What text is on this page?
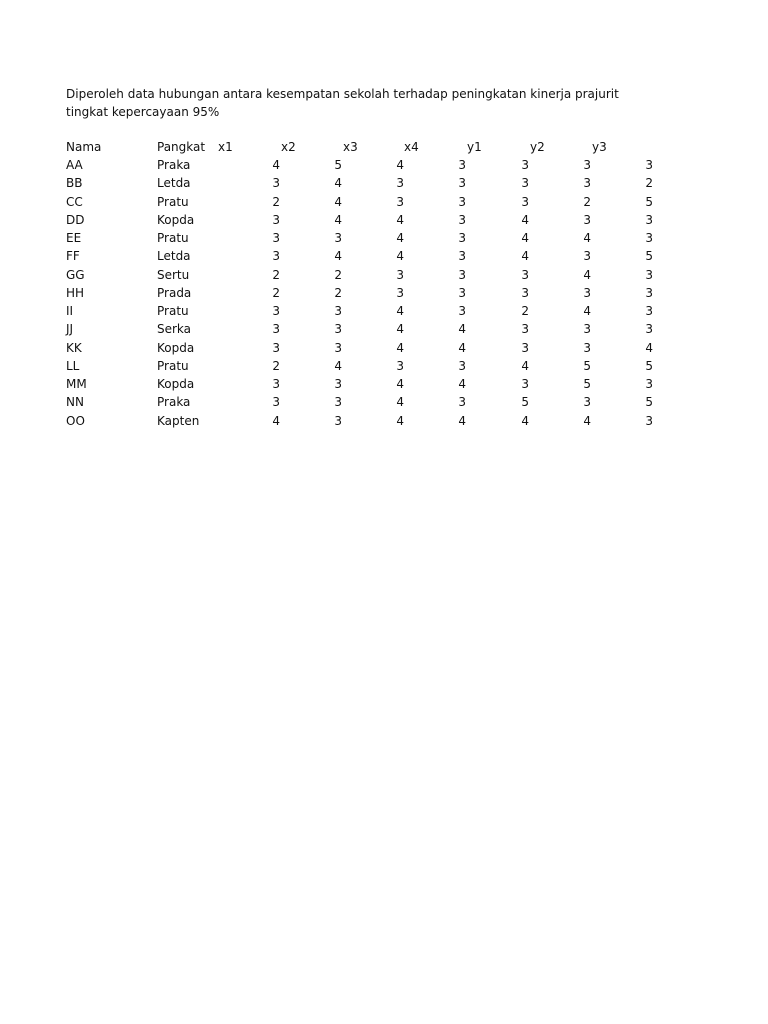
Diperoleh data hubungan antara kesempatan sekolah terhadap peningkatan kinerja prajurit
tingkat kepercayaan 95%
Nama	Pangkat x1	x2	x3	x4	y1	y2	y3
AA	Praka	4	5	4	3	3	3	3
BB	Letda	3	4	3	3	3	3	2
CC	Pratu	2	4	3	3	3	2	5
DD	Kopda	3	4	4	3	4	3	3
EE	Pratu	3	3	4	3	4	4	3
FF	Letda	3	4	4	3	4	3	5
GG	Sertu	2	2	3	3	3	4	3
HH	Prada	2	2	3	3	3	3	3
II	Pratu	3	3	4	3	2	4	3
JJ	Serka	3	3	4	4	3	3	3
KK	Kopda	3	3	4	4	3	3	4
LL	Pratu	2	4	3	3	4	5	5
MM	Kopda	3	3	4	4	3	5	3
NN	Praka	3	3	4	3	5	3	5
OO	Kapten	4	3	4	4	4	4	3
